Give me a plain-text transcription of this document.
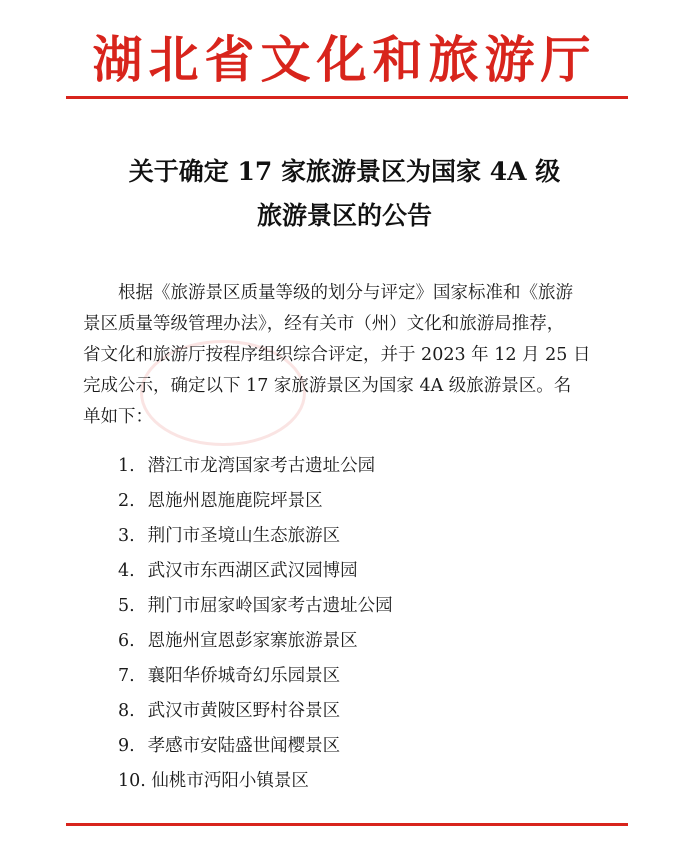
湖北省文化和旅游厅
关于确定 17 家旅游景区为国家 4A 级
旅游景区的公告
根据《旅游景区质量等级的划分与评定》国家标准和《旅游
景区质量等级管理办法》，经有关市（州）文化和旅游局推荐，
省文化和旅游厅按程序组织综合评定，并于 2023 年 12 月 25 日
完成公示，确定以下 17 家旅游景区为国家 4A 级旅游景区。名
单如下：
1. 潜江市龙湾国家考古遗址公园
2. 恩施州恩施鹿院坪景区
3. 荆门市圣境山生态旅游区
4. 武汉市东西湖区武汉园博园
5. 荆门市屈家岭国家考古遗址公园
6. 恩施州宣恩彭家寨旅游景区
7. 襄阳华侨城奇幻乐园景区
8. 武汉市黄陂区野村谷景区
9. 孝感市安陆盛世闻樱景区
10. 仙桃市沔阳小镇景区
